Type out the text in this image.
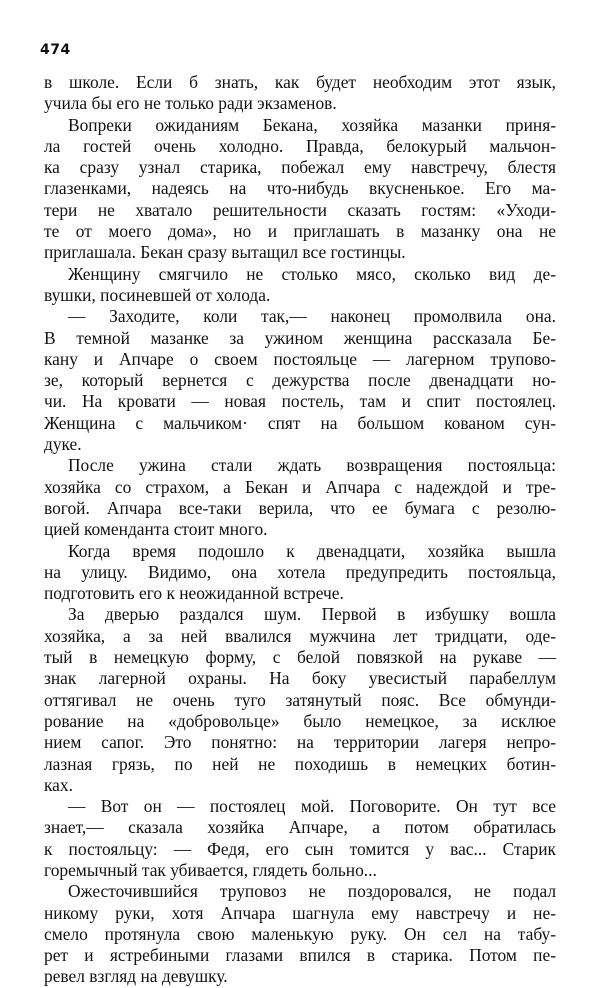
474
в школе. Если б знать, как будет необходим этот язык,
учила бы его не только ради экзаменов.
Вопреки ожиданиям Бекана, хозяйка мазанки приня-
ла гостей очень холодно. Правда, белокурый мальчон-
ка сразу узнал старика, побежал ему навстречу, блестя
глазенками, надеясь на что-нибудь вкусненькое. Его ма-
тери не хватало решительности сказать гостям: «Уходи-
те от моего дома», но и приглашать в мазанку она не
приглашала. Бекан сразу вытащил все гостинцы.
Женщину смягчило не столько мясо, сколько вид де-
вушки, посиневшей от холода.
— Заходите, коли так,— наконец промолвила она.
В темной мазанке за ужином женщина рассказала Бе-
кану и Апчаре о своем постояльце — лагерном трупово-
зе, который вернется с дежурства после двенадцати но-
чи. На кровати — новая постель, там и спит постоялец.
Женщина с мальчиком· спят на большом кованом сун-
дуке.
После ужина стали ждать возвращения постояльца:
хозяйка со страхом, а Бекан и Апчара с надеждой и тре-
вогой. Апчара все-таки верила, что ее бумага с резолю-
цией коменданта стоит много.
Когда время подошло к двенадцати, хозяйка вышла
на улицу. Видимо, она хотела предупредить постояльца,
подготовить его к неожиданной встрече.
За дверью раздался шум. Первой в избушку вошла
хозяйка, а за ней ввалился мужчина лет тридцати, оде-
тый в немецкую форму, с белой повязкой на рукаве —
знак лагерной охраны. На боку увесистый парабеллум
оттягивал не очень туго затянутый пояс. Все обмунди-
рование на «добровольце» было немецкое, за исклюе
нием сапог. Это понятно: на территории лагеря непро-
лазная грязь, по ней не походишь в немецких ботин-
ках.
— Вот он — постоялец мой. Поговорите. Он тут все
знает,— сказала хозяйка Апчаре, а потом обратилась
к постояльцу: — Федя, его сын томится у вас... Старик
горемычный так убивается, глядеть больно...
Ожесточившийся труповоз не поздоровался, не подал
никому руки, хотя Апчара шагнула ему навстречу и не-
смело протянула свою маленькую руку. Он сел на табу-
рет и ястребиными глазами впился в старика. Потом пе-
ревел взгляд на девушку.
